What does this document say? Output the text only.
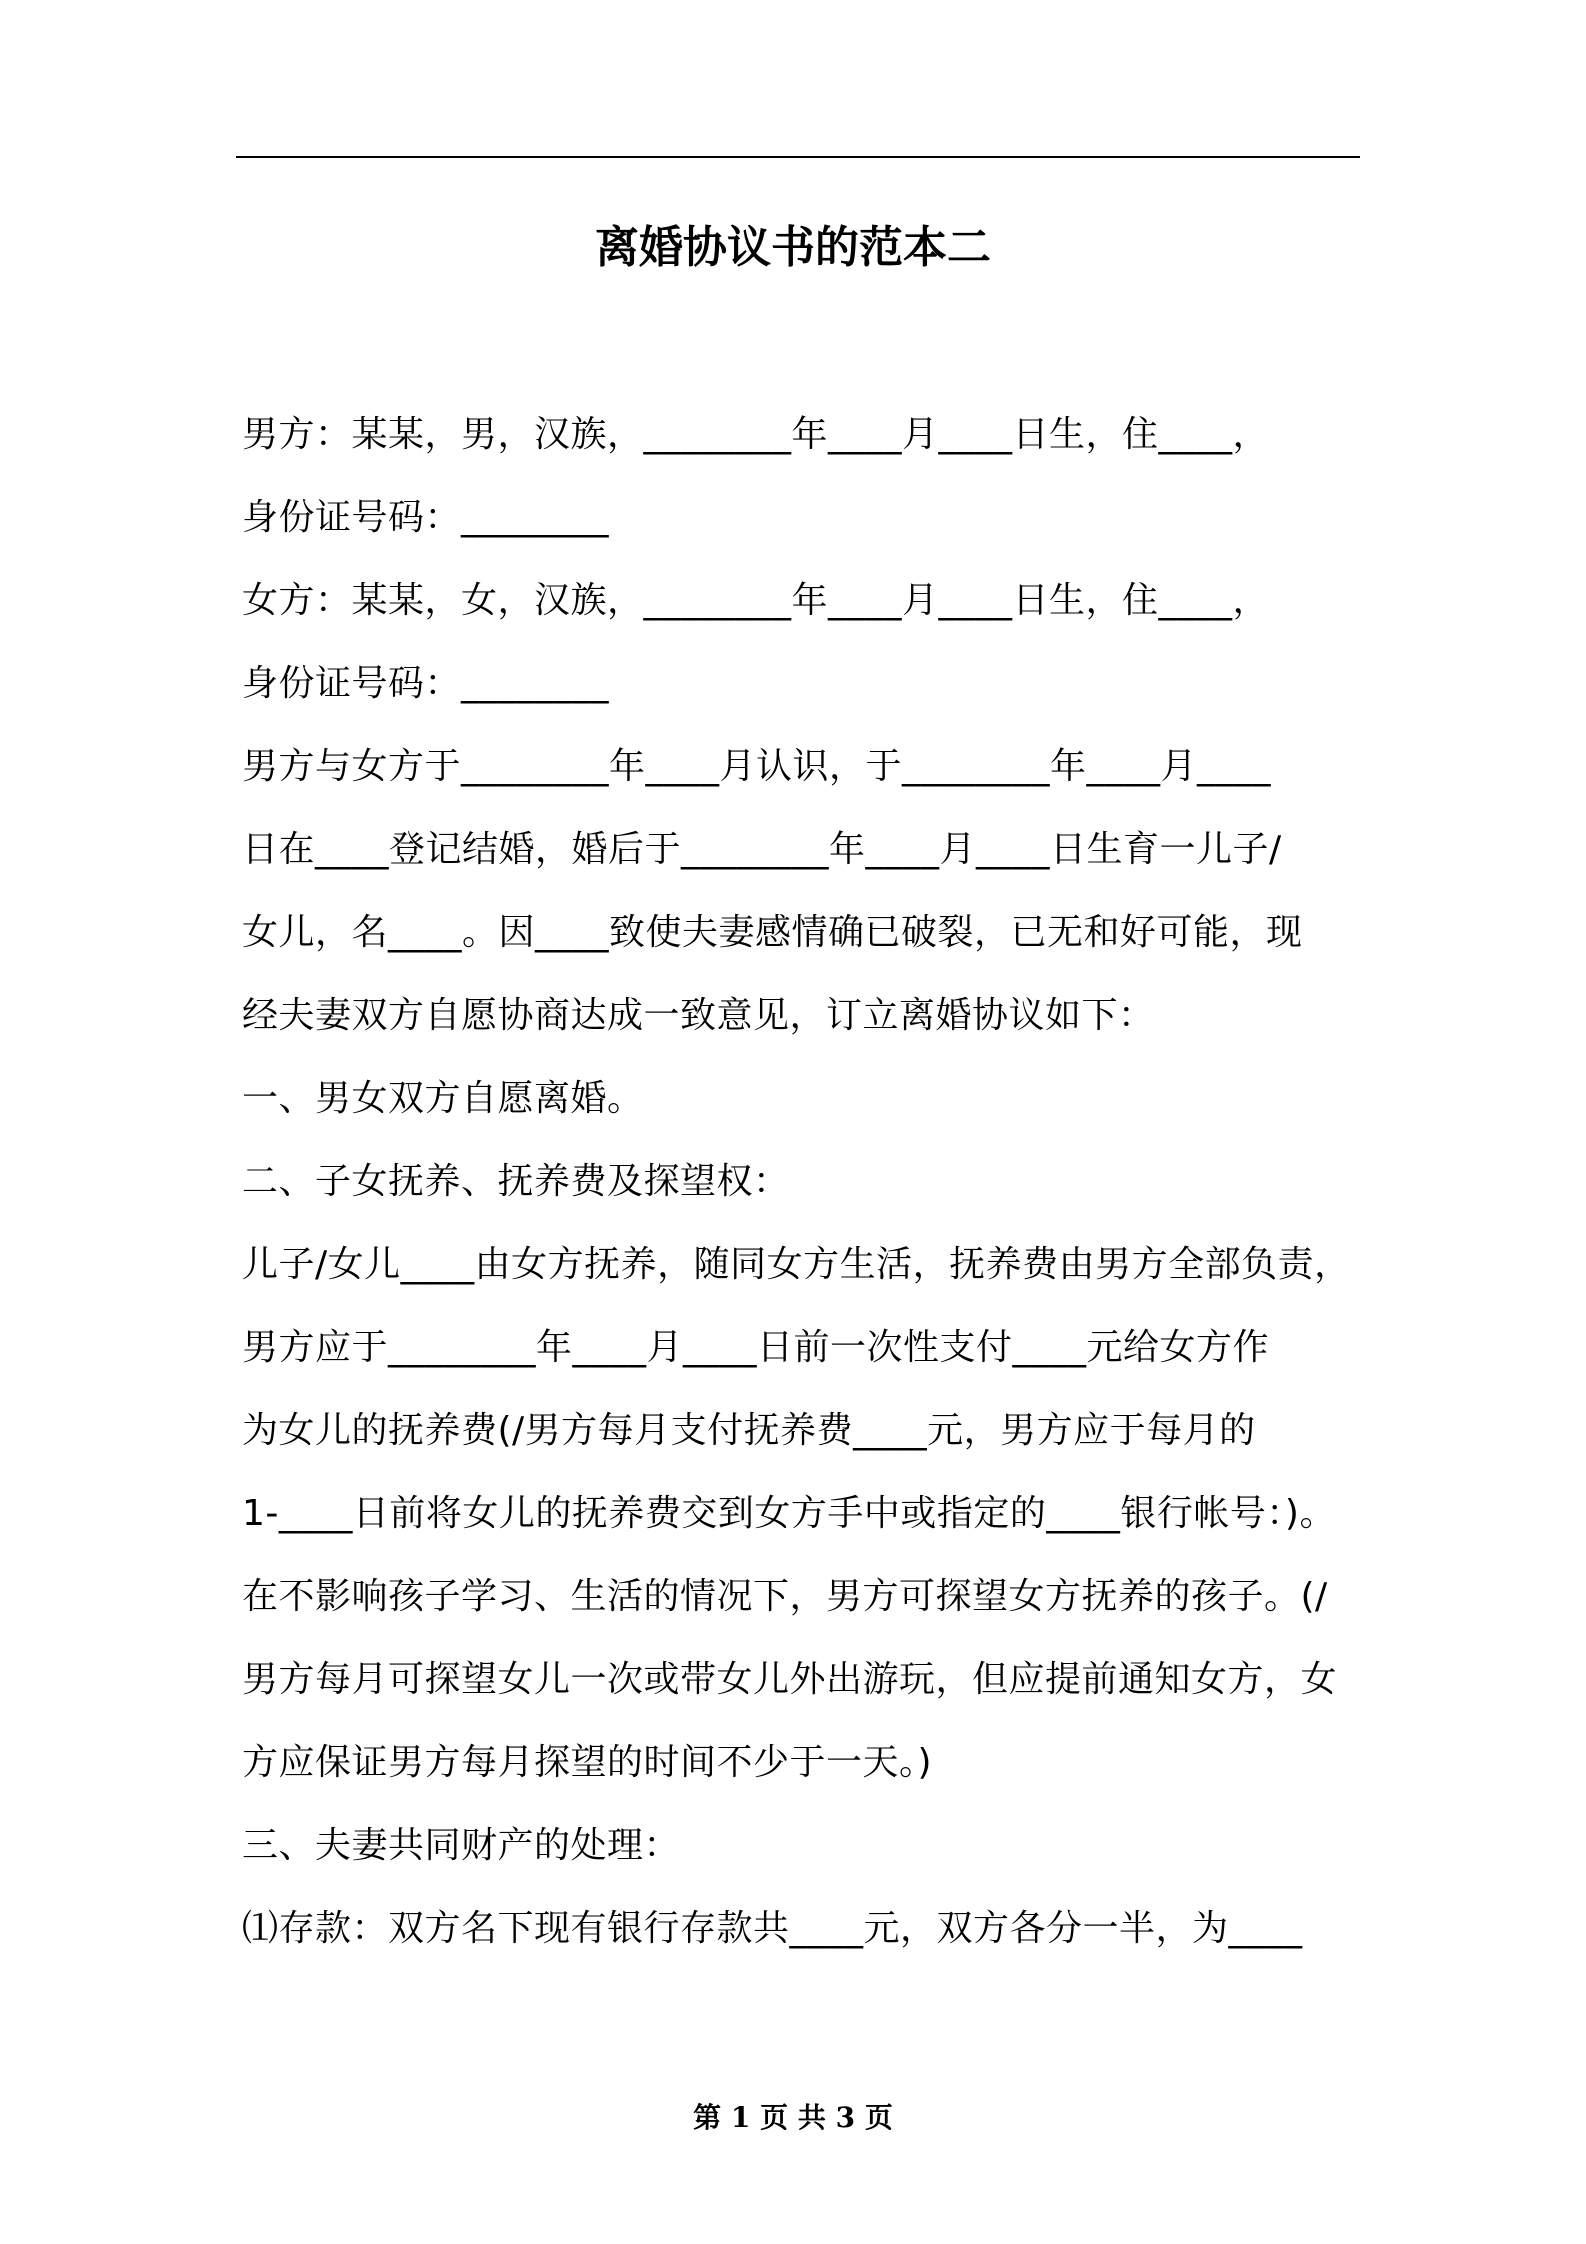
离婚协议书的范本二
男方：某某，男，汉族，________年____月____日生，住____，
身份证号码：________
女方：某某，女，汉族，________年____月____日生，住____，
身份证号码：________
男方与女方于________年____月认识，于________年____月____
日在____登记结婚，婚后于________年____月____日生育一儿子/
女儿，名____。因____致使夫妻感情确已破裂，已无和好可能，现
经夫妻双方自愿协商达成一致意见，订立离婚协议如下：
一、男女双方自愿离婚。
二、子女抚养、抚养费及探望权：
儿子/女儿____由女方抚养，随同女方生活，抚养费由男方全部负责，
男方应于________年____月____日前一次性支付____元给女方作
为女儿的抚养费(/男方每月支付抚养费____元，男方应于每月的
1-____日前将女儿的抚养费交到女方手中或指定的____银行帐号：)。
在不影响孩子学习、生活的情况下，男方可探望女方抚养的孩子。(/
男方每月可探望女儿一次或带女儿外出游玩，但应提前通知女方，女
方应保证男方每月探望的时间不少于一天。)
三、夫妻共同财产的处理：
⑴存款：双方名下现有银行存款共____元，双方各分一半，为____
第 1 页 共 3 页
